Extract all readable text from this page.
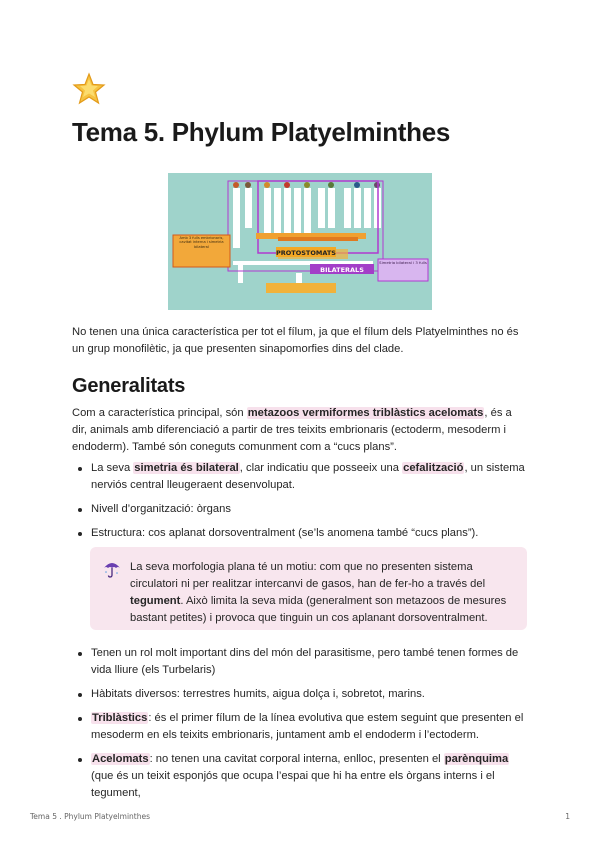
Tema 5. Phylum Platyelminthes
PROTOSTOMATS
BILATERALS
Amb 3 fulls embrionaris, cavitat interna i simetria bilateral
Simetria bilateral i 3 fulls

No tenen una única característica per tot el fílum, ja que el fílum dels Platyelminthes no és un grup monofilètic, ja que presenten sinapomorfies dins del clade.

Generalitats

Com a característica principal, són metazoos vermiformes triblàstics acelomats, és a dir, animals amb diferenciació a partir de tres teixits embrionaris (ectoderm, mesoderm i endoderm). També són coneguts comunment com a “cucs plans”.

La seva simetria és bilateral, clar indicatiu que posseeix una cefalització, un sistema nerviós central lleugeraent desenvolupat.
Nivell d’organització: òrgans
Estructura: cos aplanat dorsoventralment (se’ls anomena també “cucs plans”).

La seva morfologia plana té un motiu: com que no presenten sistema circulatori ni per realitzar intercanvi de gasos, han de fer-ho a través del tegument. Això limita la seva mida (generalment son metazoos de mesures bastant petites) i provoca que tinguin un cos aplanant dorsoventralment.

Tenen un rol molt important dins del món del parasitisme, pero també tenen formes de vida lliure (els Turbelaris)
Hàbitats diversos: terrestres humits, aigua dolça i, sobretot, marins.
Triblàstics: és el primer fílum de la línea evolutiva que estem seguint que presenten el mesoderm en els teixits embrionaris, juntament amb el endoderm i l’ectoderm.
Acelomats: no tenen una cavitat corporal interna, enlloc, presenten el parènquima (que és un teixit esponjós que ocupa l’espai que hi ha entre els òrgans interns i el tegument,
Tema 5 . Phylum Platyelminthes	1
